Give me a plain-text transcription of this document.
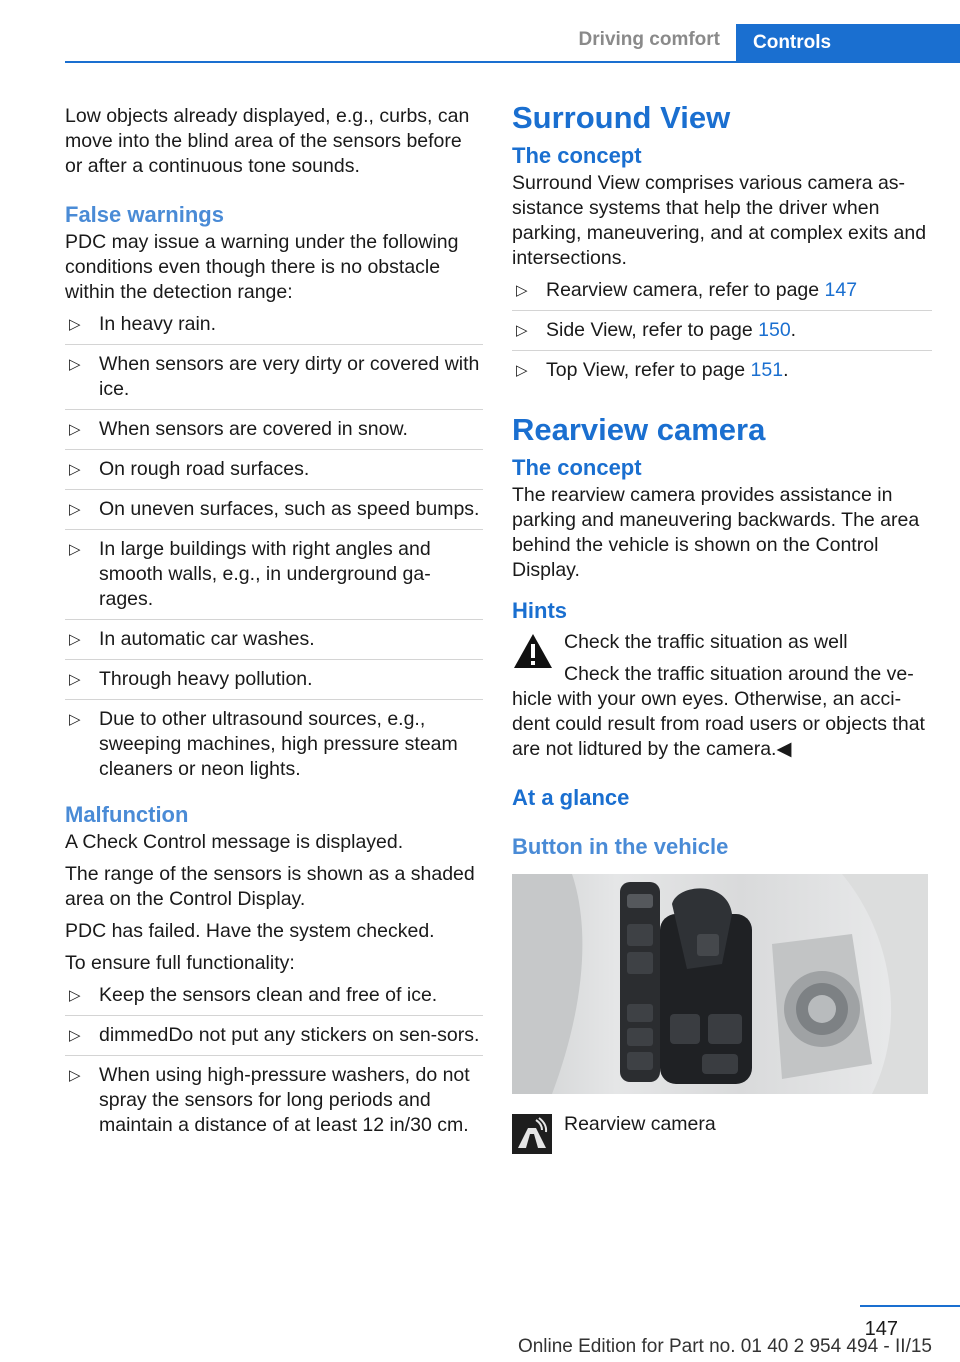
Driving comfort	Controls

Low objects already displayed, e.g., curbs, can move into the blind area of the sensors before or after a continuous tone sounds.

False warnings

PDC may issue a warning under the following conditions even though there is no obstacle within the detection range:

▷ In heavy rain.
▷ When sensors are very dirty or covered with ice.
▷ When sensors are covered in snow.
▷ On rough road surfaces.
▷ On uneven surfaces, such as speed bumps.
▷ In large buildings with right angles and smooth walls, e.g., in underground ga‐rages.
▷ In automatic car washes.
▷ Through heavy pollution.
▷ Due to other ultrasound sources, e.g., sweeping machines, high pressure steam cleaners or neon lights.
Malfunction

A Check Control message is displayed.

The range of the sensors is shown as a shaded area on the Control Display.

PDC has failed. Have the system checked.

To ensure full functionality:

▷ Keep the sensors clean and free of ice.
▷ dimmedDo not put any stickers on sen‐sors.
▷ When using high-pressure washers, do not spray the sensors for long periods and maintain a distance of at least 12 in/30 cm.
Surround View
The concept

Surround View comprises various camera as‐sistance systems that help the driver when parking, maneuvering, and at complex exits and intersections.

▷ Rearview camera, refer to page 147
▷ Side View, refer to page 150.
▷ Top View, refer to page 151.
Rearview camera
The concept

The rearview camera provides assistance in parking and maneuvering backwards. The area behind the vehicle is shown on the Control Display.

Hints
Check the traffic situation as well
Check the traffic situation around the ve‐
hicle with your own eyes. Otherwise, an acci‐dent could result from road users or objects that are not lidtured by the camera.◀
At a glance
Button in the vehicle
Rearview camera
147
Online Edition for Part no. 01 40 2 954 494 - II/15
